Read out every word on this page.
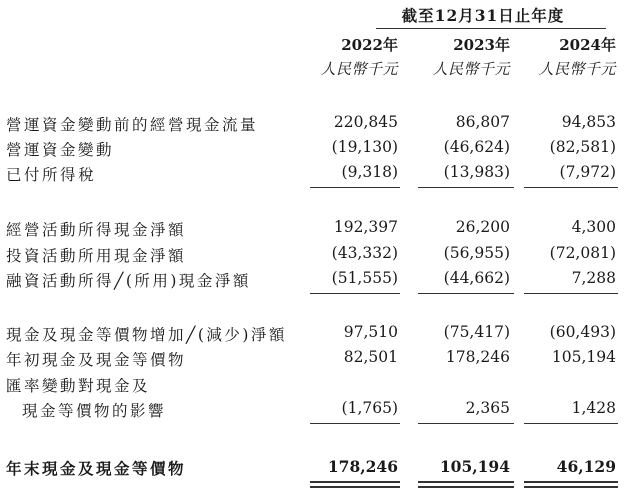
截至12月31日止年度
2022年	2023年	2024年
人民幣千元	人民幣千元	人民幣千元
營運資金變動前的經營現金流量	220,845	86,807	94,853
營運資金變動	(19,130)	(46,624)	(82,581)
已付所得稅	(9,318)	(13,983)	(7,972)
經營活動所得現金淨額	192,397	26,200	4,300
投資活動所用現金淨額	(43,332)	(56,955)	(72,081)
融資活動所得╱(所用)現金淨額	(51,555)	(44,662)	7,288
現金及現金等價物增加╱(減少)淨額	97,510	(75,417)	(60,493)
年初現金及現金等價物	82,501	178,246	105,194
匯率變動對現金及
現金等價物的影響	(1,765)	2,365	1,428
年末現金及現金等價物	178,246	105,194	46,129
